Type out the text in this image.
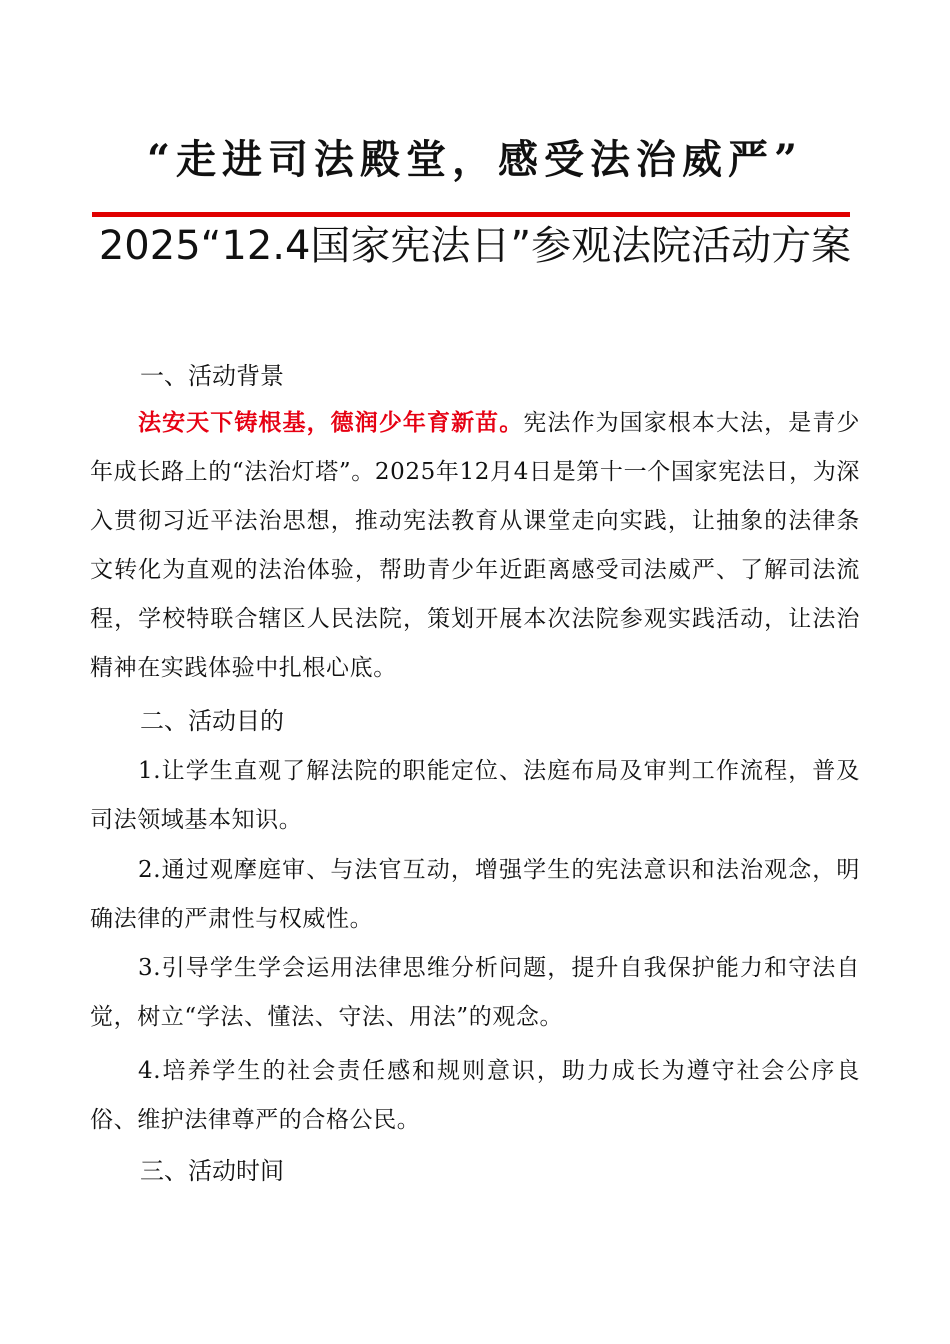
“走进司法殿堂，感受法治威严”
2025“12.4国家宪法日”参观法院活动方案
一、活动背景

法安天下铸根基，德润少年育新苗。宪法作为国家根本大法，是青少年成长路上的“法治灯塔”。2025年12月4日是第十一个国家宪法日，为深入贯彻习近平法治思想，推动宪法教育从课堂走向实践，让抽象的法律条文转化为直观的法治体验，帮助青少年近距离感受司法威严、了解司法流程，学校特联合辖区人民法院，策划开展本次法院参观实践活动，让法治精神在实践体验中扎根心底。

二、活动目的

1.让学生直观了解法院的职能定位、法庭布局及审判工作流程，普及司法领域基本知识。

2.通过观摩庭审、与法官互动，增强学生的宪法意识和法治观念，明确法律的严肃性与权威性。

3.引导学生学会运用法律思维分析问题，提升自我保护能力和守法自觉，树立“学法、懂法、守法、用法”的观念。

4.培养学生的社会责任感和规则意识，助力成长为遵守社会公序良俗、维护法律尊严的合格公民。

三、活动时间
